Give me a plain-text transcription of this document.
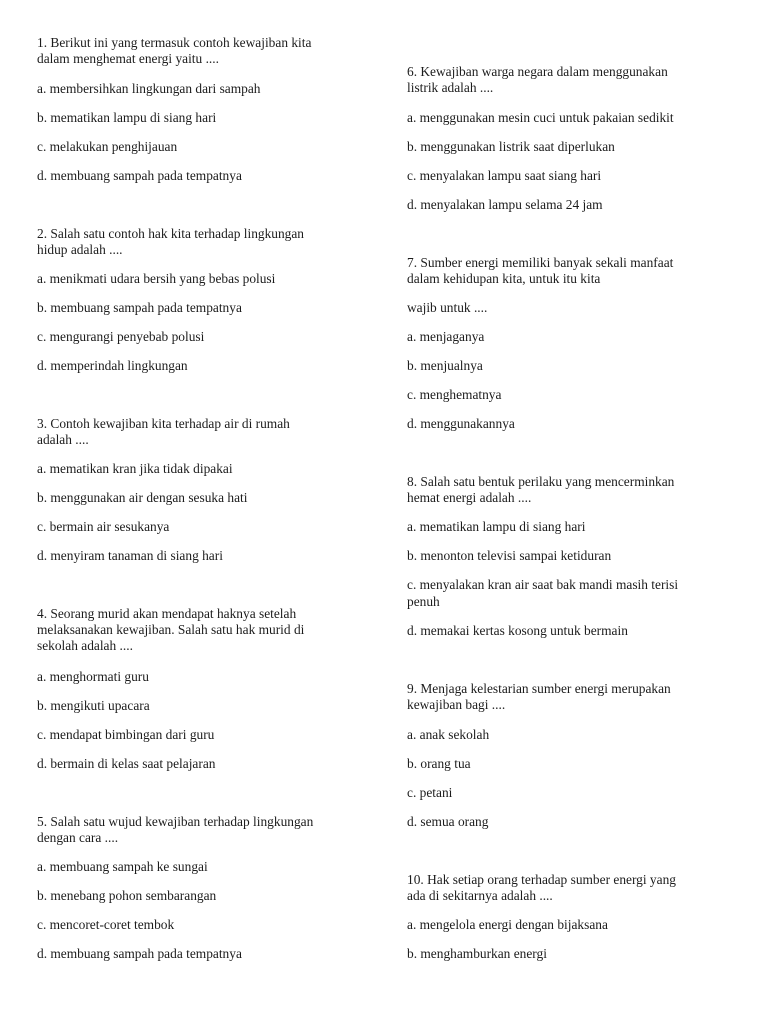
1. Berikut ini yang termasuk contoh kewajiban kita
dalam menghemat energi yaitu ....
a. membersihkan lingkungan dari sampah
b. mematikan lampu di siang hari
c. melakukan penghijauan
d. membuang sampah pada tempatnya
2. Salah satu contoh hak kita terhadap lingkungan
hidup adalah ....
a. menikmati udara bersih yang bebas polusi
b. membuang sampah pada tempatnya
c. mengurangi penyebab polusi
d. memperindah lingkungan
3. Contoh kewajiban kita terhadap air di rumah
adalah ....
a. mematikan kran jika tidak dipakai
b. menggunakan air dengan sesuka hati
c. bermain air sesukanya
d. menyiram tanaman di siang hari
4. Seorang murid akan mendapat haknya setelah
melaksanakan kewajiban. Salah satu hak murid di
sekolah adalah ....
a. menghormati guru
b. mengikuti upacara
c. mendapat bimbingan dari guru
d. bermain di kelas saat pelajaran
5. Salah satu wujud kewajiban terhadap lingkungan
dengan cara ....
a. membuang sampah ke sungai
b. menebang pohon sembarangan
c. mencoret-coret tembok
d. membuang sampah pada tempatnya
6. Kewajiban warga negara dalam menggunakan
listrik adalah ....
a. menggunakan mesin cuci untuk pakaian sedikit
b. menggunakan listrik saat diperlukan
c. menyalakan lampu saat siang hari
d. menyalakan lampu selama 24 jam
7. Sumber energi memiliki banyak sekali manfaat
dalam kehidupan kita, untuk itu kita
wajib untuk ....
a. menjaganya
b. menjualnya
c. menghematnya
d. menggunakannya
8. Salah satu bentuk perilaku yang mencerminkan
hemat energi adalah ....
a. mematikan lampu di siang hari
b. menonton televisi sampai ketiduran
c. menyalakan kran air saat bak mandi masih terisi
penuh
d. memakai kertas kosong untuk bermain
9. Menjaga kelestarian sumber energi merupakan
kewajiban bagi ....
a. anak sekolah
b. orang tua
c. petani
d. semua orang
10. Hak setiap orang terhadap sumber energi yang
ada di sekitarnya adalah ....
a. mengelola energi dengan bijaksana
b. menghamburkan energi
